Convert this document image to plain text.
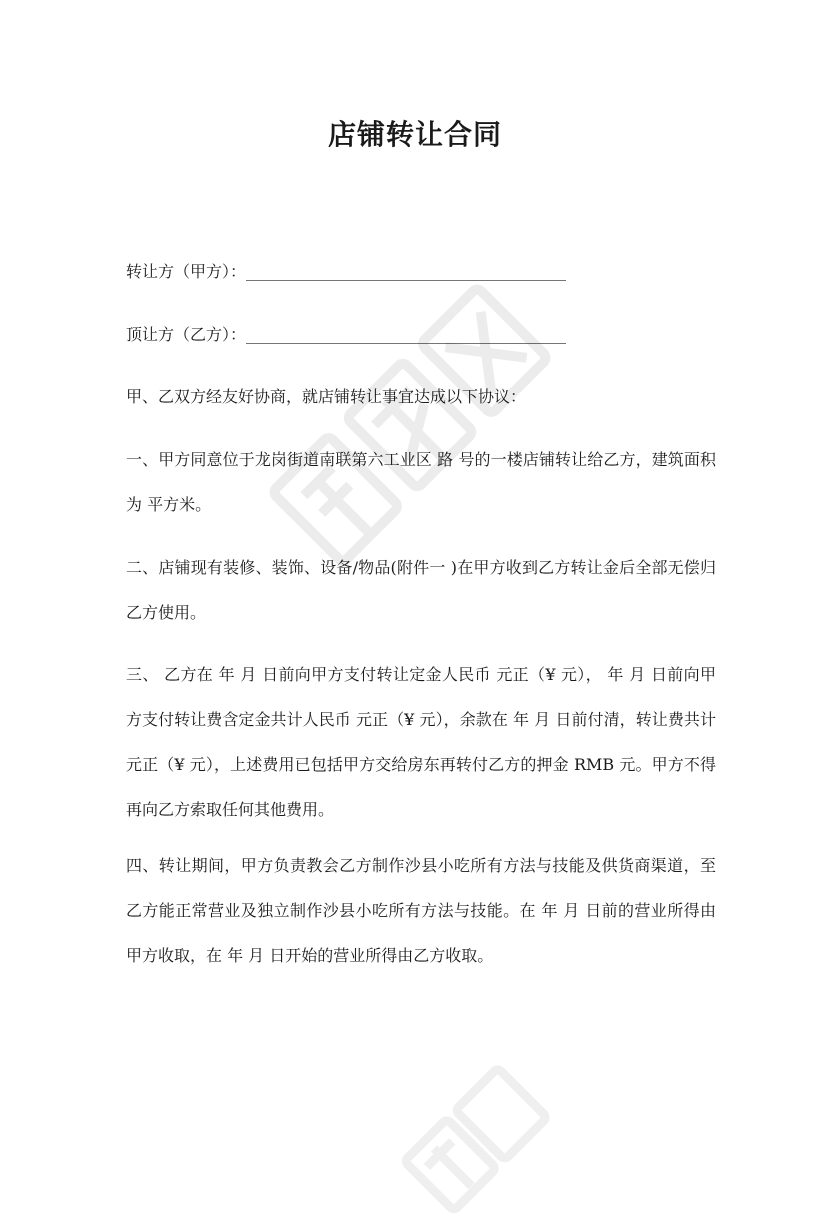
店铺转让合同
转让方（甲方）：________________________________________
顶让方（乙方）：________________________________________

甲、乙双方经友好协商，就店铺转让事宜达成以下协议：

一、甲方同意位于龙岗街道南联第六工业区 路 号的一楼店铺转让给乙方，建筑面积为 平方米。

二、店铺现有装修、装饰、设备/物品(附件一 )在甲方收到乙方转让金后全部无偿归乙方使用。

三、 乙方在 年 月 日前向甲方支付转让定金人民币 元正（¥ 元）， 年 月 日前向甲方支付转让费含定金共计人民币 元正（¥ 元），余款在 年 月 日前付清，转让费共计 元正（¥ 元），上述费用已包括甲方交给房东再转付乙方的押金 RMB 元。甲方不得再向乙方索取任何其他费用。

四、转让期间，甲方负责教会乙方制作沙县小吃所有方法与技能及供货商渠道，至乙方能正常营业及独立制作沙县小吃所有方法与技能。在 年 月 日前的营业所得由甲方收取，在 年 月 日开始的营业所得由乙方收取。
